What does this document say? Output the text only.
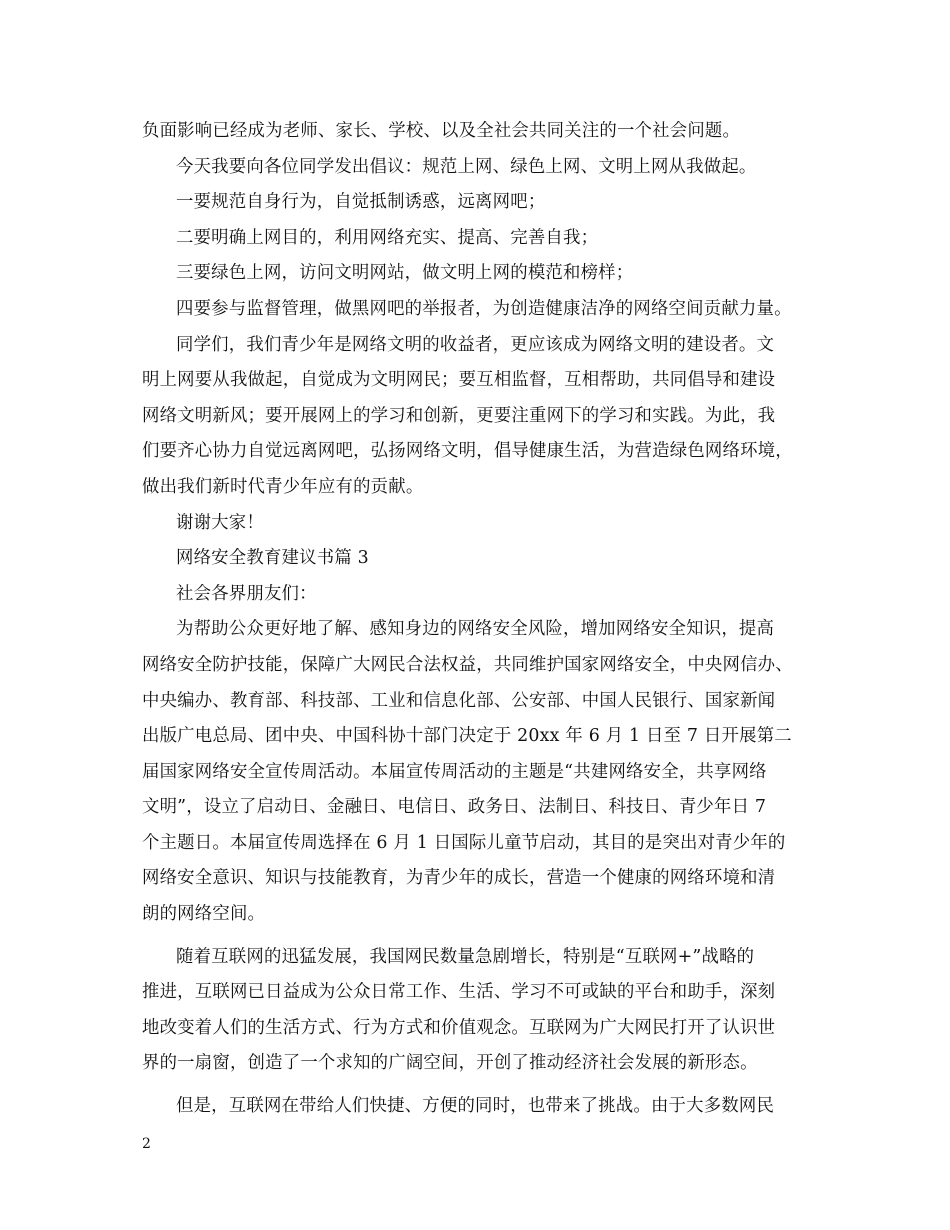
负面影响已经成为老师、家长、学校、以及全社会共同关注的一个社会问题。
今天我要向各位同学发出倡议：规范上网、绿色上网、文明上网从我做起。
一要规范自身行为，自觉抵制诱惑，远离网吧；
二要明确上网目的，利用网络充实、提高、完善自我；
三要绿色上网，访问文明网站，做文明上网的模范和榜样；
四要参与监督管理，做黑网吧的举报者，为创造健康洁净的网络空间贡献力量。
同学们，我们青少年是网络文明的收益者，更应该成为网络文明的建设者。文
明上网要从我做起，自觉成为文明网民；要互相监督，互相帮助，共同倡导和建设
网络文明新风；要开展网上的学习和创新，更要注重网下的学习和实践。为此，我
们要齐心协力自觉远离网吧，弘扬网络文明，倡导健康生活，为营造绿色网络环境，
做出我们新时代青少年应有的贡献。
谢谢大家！
网络安全教育建议书篇 3
社会各界朋友们：
为帮助公众更好地了解、感知身边的网络安全风险，增加网络安全知识，提高
网络安全防护技能，保障广大网民合法权益，共同维护国家网络安全，中央网信办、
中央编办、教育部、科技部、工业和信息化部、公安部、中国人民银行、国家新闻
出版广电总局、团中央、中国科协十部门决定于 20xx 年 6 月 1 日至 7 日开展第二
届国家网络安全宣传周活动。本届宣传周活动的主题是“共建网络安全，共享网络
文明”，设立了启动日、金融日、电信日、政务日、法制日、科技日、青少年日 7
个主题日。本届宣传周选择在 6 月 1 日国际儿童节启动，其目的是突出对青少年的
网络安全意识、知识与技能教育，为青少年的成长，营造一个健康的网络环境和清
朗的网络空间。
随着互联网的迅猛发展，我国网民数量急剧增长，特别是“互联网+”战略的
推进，互联网已日益成为公众日常工作、生活、学习不可或缺的平台和助手，深刻
地改变着人们的生活方式、行为方式和价值观念。互联网为广大网民打开了认识世
界的一扇窗，创造了一个求知的广阔空间，开创了推动经济社会发展的新形态。
但是，互联网在带给人们快捷、方便的同时，也带来了挑战。由于大多数网民
2
